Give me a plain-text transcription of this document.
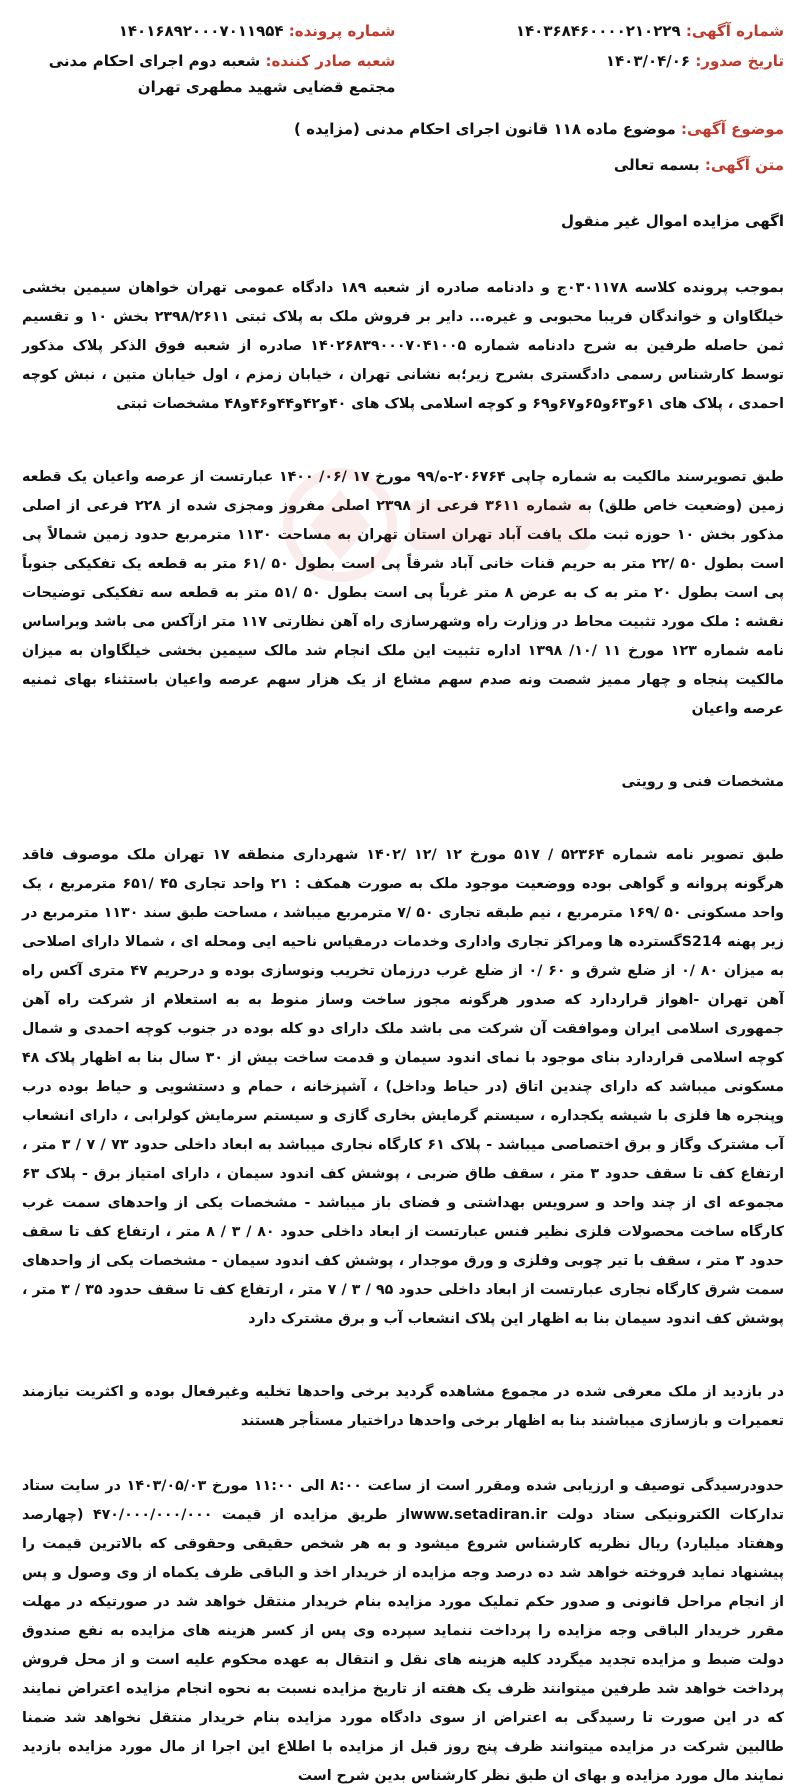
شماره آگهی: ۱۴۰۳۶۸۴۶۰۰۰۰۲۱۰۲۲۹
شماره پرونده: ۱۴۰۱۶۸۹۲۰۰۰۷۰۱۱۹۵۴
تاریخ صدور: ۱۴۰۳/۰۴/۰۶
شعبه صادر کننده: شعبه دوم اجرای احکام مدنی مجتمع قضایی شهید مطهری تهران
موضوع آگهی: موضوع ماده ۱۱۸ قانون اجرای احکام مدنی (مزایده )
متن آگهی: بسمه تعالی
اگهی مزایده اموال غیر منقول

بموجب پرونده کلاسه ۰۳۰۱۱۷۸ج و دادنامه صادره از شعبه ۱۸۹ دادگاه عمومی تهران خواهان سیمین بخشی خیلگاوان و خواندگان فریبا محبوبی و غیره... دایر بر فروش ملک به پلاک ثبتی ۲۳۹۸/۲۶۱۱ بخش ۱۰ و تقسیم ثمن حاصله طرفین به شرح دادنامه شماره ۱۴۰۲۶۸۳۹۰۰۰۷۰۴۱۰۰۵ صادره از شعبه فوق الذکر پلاک مذکور توسط کارشناس رسمی دادگستری بشرح زیر؛به نشانی تهران ، خیابان زمزم ، اول خیابان متین ، نبش کوچه احمدی ، پلاک های ۶۱و۶۳و۶۵و۶۷و۶۹ و کوچه اسلامی پلاک های ۴۰و۴۲و۴۴و۴۶و۴۸ مشخصات ثبتی

طبق تصویرسند مالکیت به شماره چاپی ۲۰۶۷۶۴-ه/۹۹ مورخ ۱۷ /۰۶/ ۱۴۰۰ عبارتست از عرصه واعیان یک قطعه زمین (وضعیت خاص طلق) به شماره ۳۶۱۱ فرعی از ۲۳۹۸ اصلی مفروز ومجزی شده از ۲۲۸ فرعی از اصلی مذکور بخش ۱۰ حوزه ثبت ملک یافت آباد تهران استان تهران به مساحت ۱۱۳۰ مترمربع حدود زمین شمالاً پی است بطول ۵۰ /۲۲ متر به حریم قنات خانی آباد شرقاً پی است بطول ۵۰ /۶۱ متر به قطعه یک تفکیکی جنوباً پی است بطول ۲۰ متر به ک به عرض ۸ متر غرباً پی است بطول ۵۰ /۵۱ متر به قطعه سه تفکیکی توضیحات نقشه : ملک مورد تثبیت محاط در وزارت راه وشهرسازی راه آهن نظارتی ۱۱۷ متر ازآکس می باشد وبراساس نامه شماره ۱۲۳ مورخ ۱۱ /۱۰/ ۱۳۹۸ اداره تثبیت این ملک انجام شد مالک سیمین بخشی خیلگاوان به میزان مالکیت پنجاه و چهار ممیز شصت ونه صدم سهم مشاع از یک هزار سهم عرصه واعیان باستثناء بهای ثمنیه عرصه واعیان

مشخصات فنی و رویتی

طبق تصویر نامه شماره ۵۲۳۶۴ / ۵۱۷ مورخ ۱۲ /۱۲ /۱۴۰۲ شهرداری منطقه ۱۷ تهران ملک موصوف فاقد هرگونه پروانه و گواهی بوده ووضعیت موجود ملک به صورت همکف : ۲۱ واحد تجاری ۴۵ /۶۵۱ مترمربع ، یک واحد مسکونی ۵۰ /۱۶۹ مترمربع ، نیم طبقه تجاری ۵۰ /۷ مترمربع میباشد ، مساحت طبق سند ۱۱۳۰ مترمربع در زیر پهنه S214گسترده ها ومراکز تجاری واداری وخدمات درمقیاس ناحیه ایی ومحله ای ، شمالا دارای اصلاحی به میزان ۸۰ /۰ از ضلع شرق و ۶۰ /۰ از ضلع غرب درزمان تخریب ونوسازی بوده و درحریم ۴۷ متری آکس راه آهن تهران -اهواز قراردارد که صدور هرگونه مجوز ساخت وساز منوط به به استعلام از شرکت راه آهن جمهوری اسلامی ایران وموافقت آن شرکت می باشد ملک دارای دو کله بوده در جنوب کوچه احمدی و شمال کوچه اسلامی قراردارد بنای موجود با نمای اندود سیمان و قدمت ساخت بیش از ۳۰ سال بنا به اظهار پلاک ۴۸ مسکونی میباشد که دارای چندین اتاق (در حیاط وداخل) ، آشپزخانه ، حمام و دستشویی و حیاط بوده درب وپنجره ها فلزی با شیشه یکجداره ، سیستم گرمایش بخاری گازی و سیستم سرمایش کولرابی ، دارای انشعاب آب مشترک وگاز و برق اختصاصی میباشد - پلاک ۶۱ کارگاه نجاری میباشد به ابعاد داخلی حدود ۷۳ / ۷ / ۳ متر ، ارتفاع کف تا سقف حدود ۳ متر ، سقف طاق ضربی ، پوشش کف اندود سیمان ، دارای امتیاز برق - پلاک ۶۳ مجموعه ای از چند واحد و سرویس بهداشتی و فضای باز میباشد - مشخصات یکی از واحدهای سمت غرب کارگاه ساخت محصولات فلزی نظیر فنس عبارتست از ابعاد داخلی حدود ۸۰ / ۳ / ۸ متر ، ارتفاع کف تا سقف حدود ۳ متر ، سقف با تیر چوبی وفلزی و ورق موجدار ، پوشش کف اندود سیمان - مشخصات یکی از واحدهای سمت شرق کارگاه نجاری عبارتست از ابعاد داخلی حدود ۹۵ / ۳ / ۷ متر ، ارتفاع کف تا سقف حدود ۳۵ / ۳ متر ، پوشش کف اندود سیمان بنا به اظهار این پلاک انشعاب آب و برق مشترک دارد

در بازدید از ملک معرفی شده در مجموع مشاهده گردید برخی واحدها تخلیه وغیرفعال بوده و اکثریت نیازمند تعمیرات و بازسازی میباشند بنا به اظهار برخی واحدها دراختیار مستأجر هستند

حدودرسیدگی توصیف و ارزیابی شده ومقرر است از ساعت ۸:۰۰ الی ۱۱:۰۰ مورخ ۱۴۰۳/۰۵/۰۳ در سایت ستاد تدارکات الکترونیکی ستاد دولت www.setadiran.irاز طریق مزایده از قیمت ۴۷۰/۰۰۰/۰۰۰/۰۰۰ (چهارصد وهفتاد میلیارد) ریال نظریه کارشناس شروع میشود و به هر شخص حقیقی وحقوقی که بالاترین قیمت را پیشنهاد نماید فروخته خواهد شد ده درصد وجه مزایده از خریدار اخذ و الباقی ظرف یکماه از وی وصول و پس از انجام مراحل قانونی و صدور حکم تملیک مورد مزایده بنام خریدار منتقل خواهد شد در صورتیکه در مهلت مقرر خریدار الباقی وجه مزایده را پرداخت ننماید سپرده وی پس از کسر هزینه های مزایده به نفع صندوق دولت ضبط و مزایده تجدید میگردد کلیه هزینه های نقل و انتقال به عهده محکوم علیه است و از محل فروش پرداخت خواهد شد طرفین میتوانند ظرف یک هفته از تاریخ مزایده نسبت به نحوه انجام مزایده اعتراض نمایند که در این صورت تا رسیدگی به اعتراض از سوی دادگاه مورد مزایده بنام خریدار منتقل نخواهد شد ضمنا طالبین شرکت در مزایده میتوانند ظرف پنج روز قبل از مزایده با اطلاع این اجرا از مال مورد مزایده بازدید نمایند مال مورد مزایده و بهای ان طبق نظر کارشناس بدین شرح است
